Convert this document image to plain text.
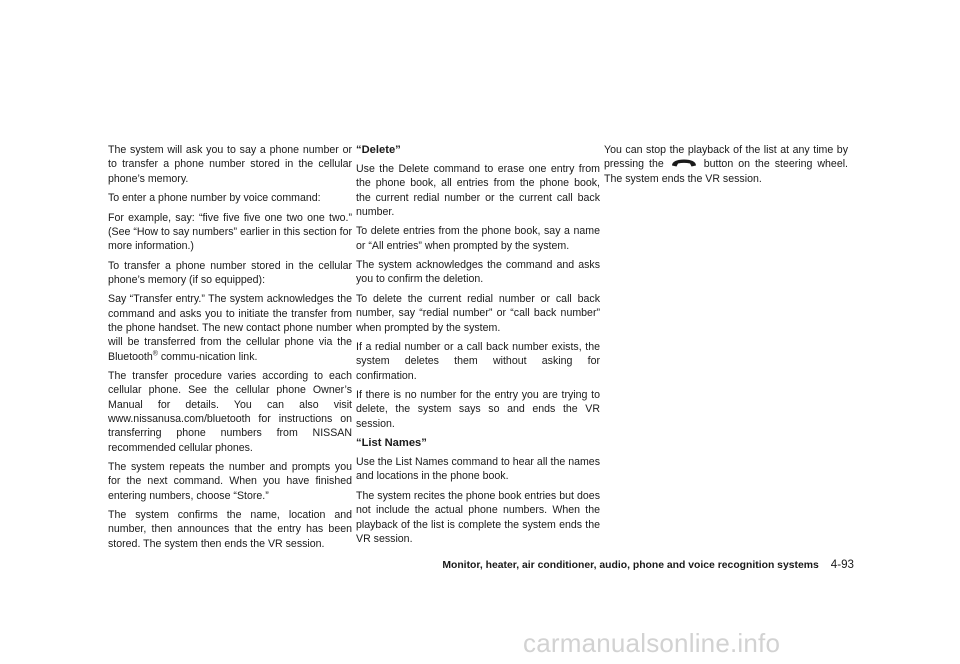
The system will ask you to say a phone number or to transfer a phone number stored in the cellular phone’s memory.

To enter a phone number by voice command:

For example, say: “five five five one two one two.” (See “How to say numbers” earlier in this section for more information.)

To transfer a phone number stored in the cellular phone’s memory (if so equipped):

Say “Transfer entry.” The system acknowledges the command and asks you to initiate the transfer from the phone handset. The new contact phone number will be transferred from the cellular phone via the Bluetooth® commu-nication link.

The transfer procedure varies according to each cellular phone. See the cellular phone Owner’s Manual for details. You can also visit www.nissanusa.com/bluetooth for instructions on transferring phone numbers from NISSAN recommended cellular phones.

The system repeats the number and prompts you for the next command. When you have finished entering numbers, choose “Store.”

The system confirms the name, location and number, then announces that the entry has been stored. The system then ends the VR session.

“Delete”

Use the Delete command to erase one entry from the phone book, all entries from the phone book, the current redial number or the current call back number.

To delete entries from the phone book, say a name or “All entries” when prompted by the system.

The system acknowledges the command and asks you to confirm the deletion.

To delete the current redial number or call back number, say “redial number” or “call back number” when prompted by the system.

If a redial number or a call back number exists, the system deletes them without asking for confirmation.

If there is no number for the entry you are trying to delete, the system says so and ends the VR session.

“List Names”

Use the List Names command to hear all the names and locations in the phone book.

The system recites the phone book entries but does not include the actual phone numbers. When the playback of the list is complete the system ends the VR session.

You can stop the playback of the list at any time by pressing the	button on the steering wheel. The system ends the VR session.

Monitor, heater, air conditioner, audio, phone and voice recognition systems 4-93
carmanualsonline.info
